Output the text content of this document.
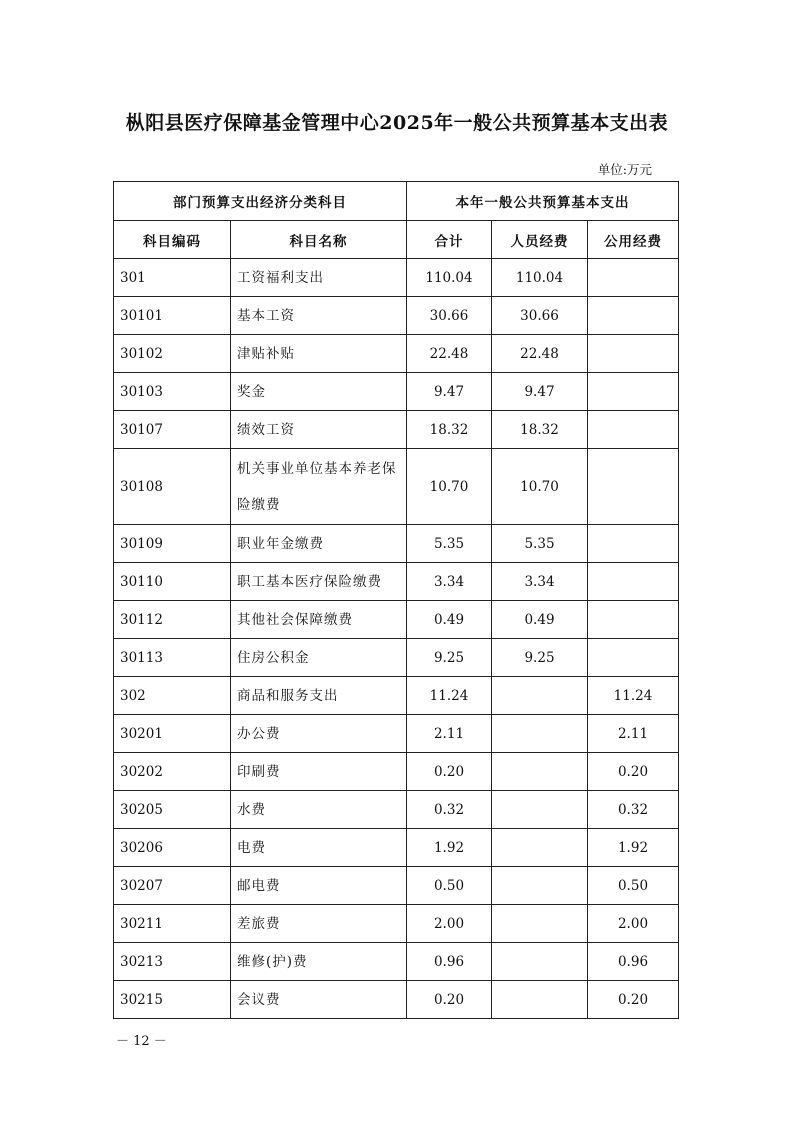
枞阳县医疗保障基金管理中心2025年一般公共预算基本支出表
单位:万元
部门预算支出经济分类科目		本年一般公共预算基本支出		
科目编码	科目名称	合计	人员经费	公用经费
301	工资福利支出	110.04	110.04	
30101	基本工资	30.66	30.66	
30102	津贴补贴	22.48	22.48	
30103	奖金	9.47	9.47	
30107	绩效工资	18.32	18.32	
30108	机关事业单位基本养老保险缴费	10.70	10.70	
30109	职业年金缴费	5.35	5.35	
30110	职工基本医疗保险缴费	3.34	3.34	
30112	其他社会保障缴费	0.49	0.49	
30113	住房公积金	9.25	9.25	
302	商品和服务支出	11.24		11.24
30201	办公费	2.11		2.11
30202	印刷费	0.20		0.20
30205	水费	0.32		0.32
30206	电费	1.92		1.92
30207	邮电费	0.50		0.50
30211	差旅费	2.00		2.00
30213	维修(护)费	0.96		0.96
30215	会议费	0.20		0.20
－ 12 －
